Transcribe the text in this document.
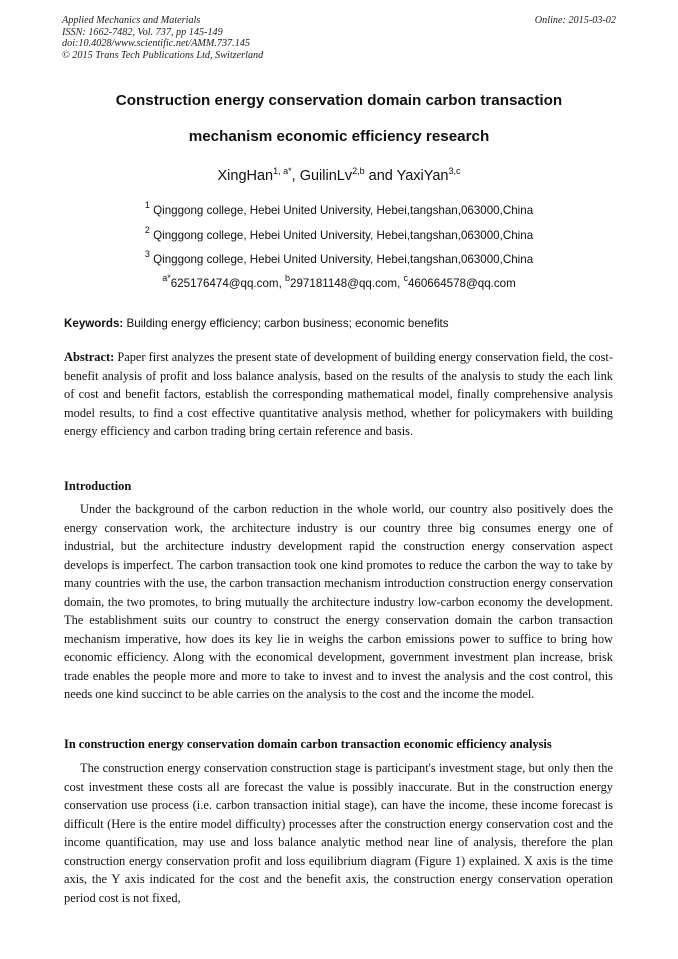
Applied Mechanics and Materials
ISSN: 1662-7482, Vol. 737, pp 145-149
doi:10.4028/www.scientific.net/AMM.737.145
© 2015 Trans Tech Publications Ltd, Switzerland
Online: 2015-03-02
Construction energy conservation domain carbon transaction
mechanism economic efficiency research
XingHan$^{1, a*}$, GuilinLv$^{2,b}$ and YaxiYan$^{3,c}$
$^1$ Qinggong college, Hebei United University, Hebei,tangshan,063000,China
$^2$ Qinggong college, Hebei United University, Hebei,tangshan,063000,China
$^3$ Qinggong college, Hebei United University, Hebei,tangshan,063000,China
$^{a*}$625176474@qq.com, $^b$297181148@qq.com, $^c$460664578@qq.com
Keywords: Building energy efficiency; carbon business; economic benefits
Abstract: Paper first analyzes the present state of development of building energy conservation field, the cost-benefit analysis of profit and loss balance analysis, based on the results of the analysis to study the each link of cost and benefit factors, establish the corresponding mathematical model, finally comprehensive analysis model results, to find a cost effective quantitative analysis method, whether for policymakers with building energy efficiency and carbon trading bring certain reference and basis.
Introduction
Under the background of the carbon reduction in the whole world, our country also positively does the energy conservation work, the architecture industry is our country three big consumes energy one of industrial, but the architecture industry development rapid the construction energy conservation aspect develops is imperfect. The carbon transaction took one kind promotes to reduce the carbon the way to take by many countries with the use, the carbon transaction mechanism introduction construction energy conservation domain, the two promotes, to bring mutually the architecture industry low-carbon economy the development. The establishment suits our country to construct the energy conservation domain the carbon transaction mechanism imperative, how does its key lie in weighs the carbon emissions power to suffice to bring how economic efficiency. Along with the economical development, government investment plan increase, brisk trade enables the people more and more to take to invest and to invest the analysis and the cost control, this needs one kind succinct to be able carries on the analysis to the cost and the income the model.
In construction energy conservation domain carbon transaction economic efficiency analysis
The construction energy conservation construction stage is participant's investment stage, but only then the cost investment these costs all are forecast the value is possibly inaccurate. But in the construction energy conservation use process (i.e. carbon transaction initial stage), can have the income, these income forecast is difficult (Here is the entire model difficulty) processes after the construction energy conservation cost and the income quantification, may use and loss balance analytic method near line of analysis, therefore the plan construction energy conservation profit and loss equilibrium diagram (Figure 1) explained. X axis is the time axis, the Y axis indicated for the cost and the benefit axis, the construction energy conservation operation period cost is not fixed,
